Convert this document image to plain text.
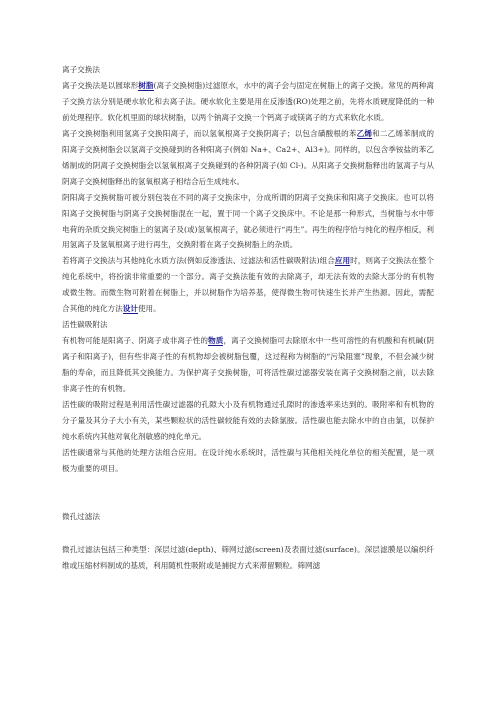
离子交换法

离子交换法是以圆球形树脂(离子交换树脂)过滤原水，水中的离子会与固定在树脂上的离子交换。常见的两种离子交换方法分别是硬水软化和去离子法。硬水软化主要是用在反渗透(RO)处理之前，先将水质硬度降低的一种前处理程序。软化机里面的球状树脂，以两个钠离子交换一个钙离子或镁离子的方式来软化水质。

离子交换树脂利用氢离子交换阳离子，而以氢氧根离子交换阴离子；以包含磺酸根的苯乙烯和二乙烯苯制成的阳离子交换树脂会以氢离子交换碰到的各种阳离子(例如 Na+、Ca2+、Al3+)。同样的，以包含季铵盐的苯乙烯制成的阴离子交换树脂会以氢氧根离子交换碰到的各种阴离子(如 Cl-)。从阳离子交换树脂释出的氢离子与从阴离子交换树脂释出的氢氧根离子相结合后生成纯水。

阴阳离子交换树脂可被分别包装在不同的离子交换床中，分成所谓的阴离子交换床和阳离子交换床。也可以将阳离子交换树脂与阴离子交换树脂混在一起，置于同一个离子交换床中。不论是那一种形式，当树脂与水中带电荷的杂质交换完树脂上的氢离子及(或)氢氧根离子，就必须进行“再生”。再生的程序恰与纯化的程序相反，利用氢离子及氢氧根离子进行再生，交换附着在离子交换树脂上的杂质。

若将离子交换法与其他纯化水质方法(例如反渗透法、过滤法和活性碳吸附法)组合应用时，则离子交换法在整个纯化系统中，将扮演非常重要的一个部分。离子交换法能有效的去除离子，却无法有效的去除大部分的有机物或微生物。而微生物可附着在树脂上，并以树脂作为培养基，使得微生物可快速生长并产生热源。因此，需配合其他的纯化方法设计使用。

活性碳吸附法

有机物可能是阳离子、阴离子或非离子性的物质，离子交换树脂可去除原水中一些可溶性的有机酸和有机碱(阴离子和阳离子)，但有些非离子性的有机物却会被树脂包覆，这过程称为树脂的“污染阻塞”现象，不但会减少树脂的寿命，而且降低其交换能力。为保护离子交换树脂，可将活性碳过滤器安装在离子交换树脂之前，以去除非离子性的有机物。

活性碳的吸附过程是利用活性碳过滤器的孔隙大小及有机物通过孔隙时的渗透率来达到的。吸附率和有机物的分子量及其分子大小有关，某些颗粒状的活性碳较能有效的去除氯胺。活性碳也能去除水中的自由氯，以保护纯水系统内其他对氧化剂敏感的纯化单元。

活性碳通常与其他的处理方法组合应用。在设计纯水系统时，活性碳与其他相关纯化单位的相关配置，是一项极为重要的项目。

微孔过滤法

微孔过滤法包括三种类型：深层过滤(depth)、筛网过滤(screen)及表面过滤(surface)。深层滤膜是以编织纤维或压缩材料制成的基质，利用随机性吸附或是捕捉方式来滞留颗粒。筛网滤
